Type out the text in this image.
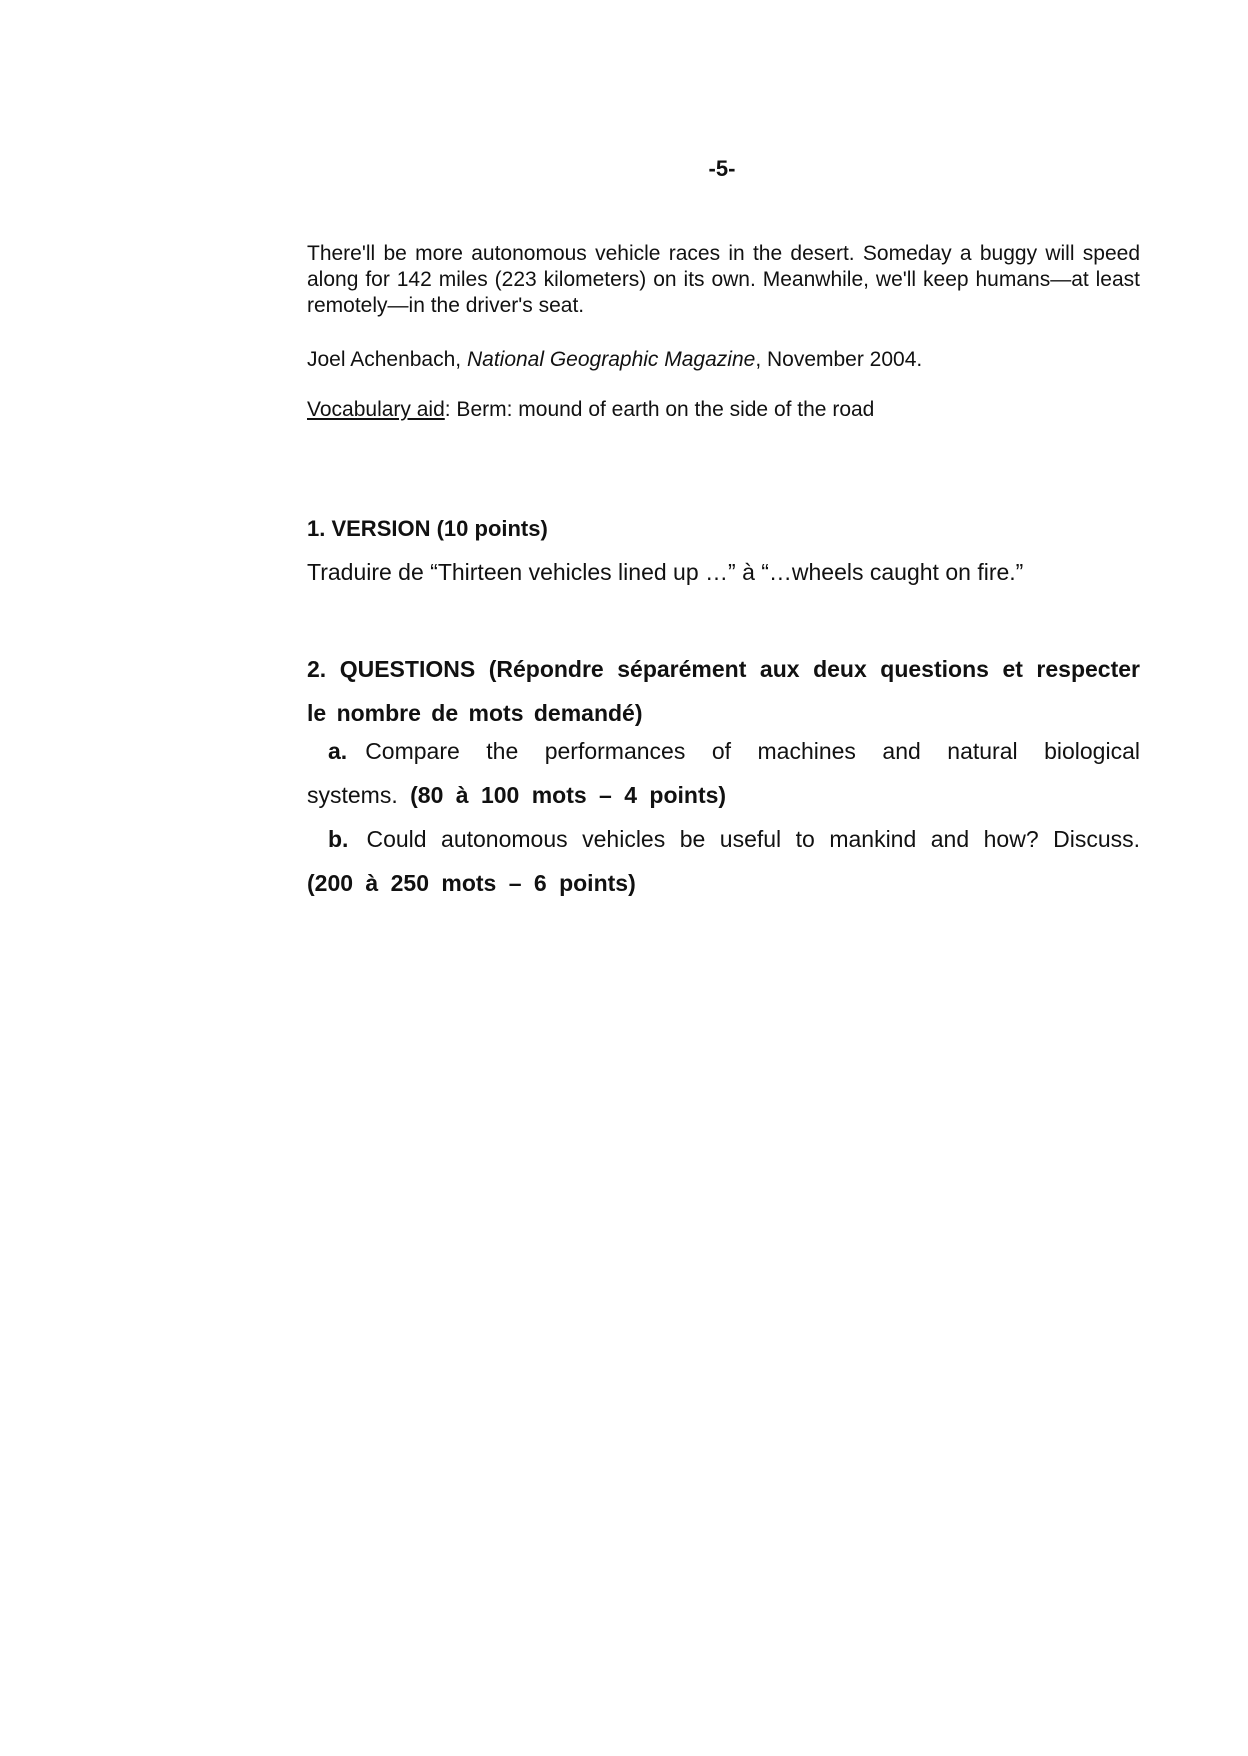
-5-

There'll be more autonomous vehicle races in the desert. Someday a buggy will speed along for 142 miles (223 kilometers) on its own. Meanwhile, we'll keep humans—at least remotely—in the driver's seat.

Joel Achenbach, National Geographic Magazine, November 2004.

Vocabulary aid: Berm: mound of earth on the side of the road

1. VERSION (10 points)
Traduire de “Thirteen vehicles lined up …” à “…wheels caught on fire.”
2. QUESTIONS (Répondre séparément aux deux questions et respecter le nombre de mots demandé)

a. Compare the performances of machines and natural biological systems. (80 à 100 mots – 4 points)

b. Could autonomous vehicles be useful to mankind and how? Discuss. (200 à 250 mots – 6 points)
